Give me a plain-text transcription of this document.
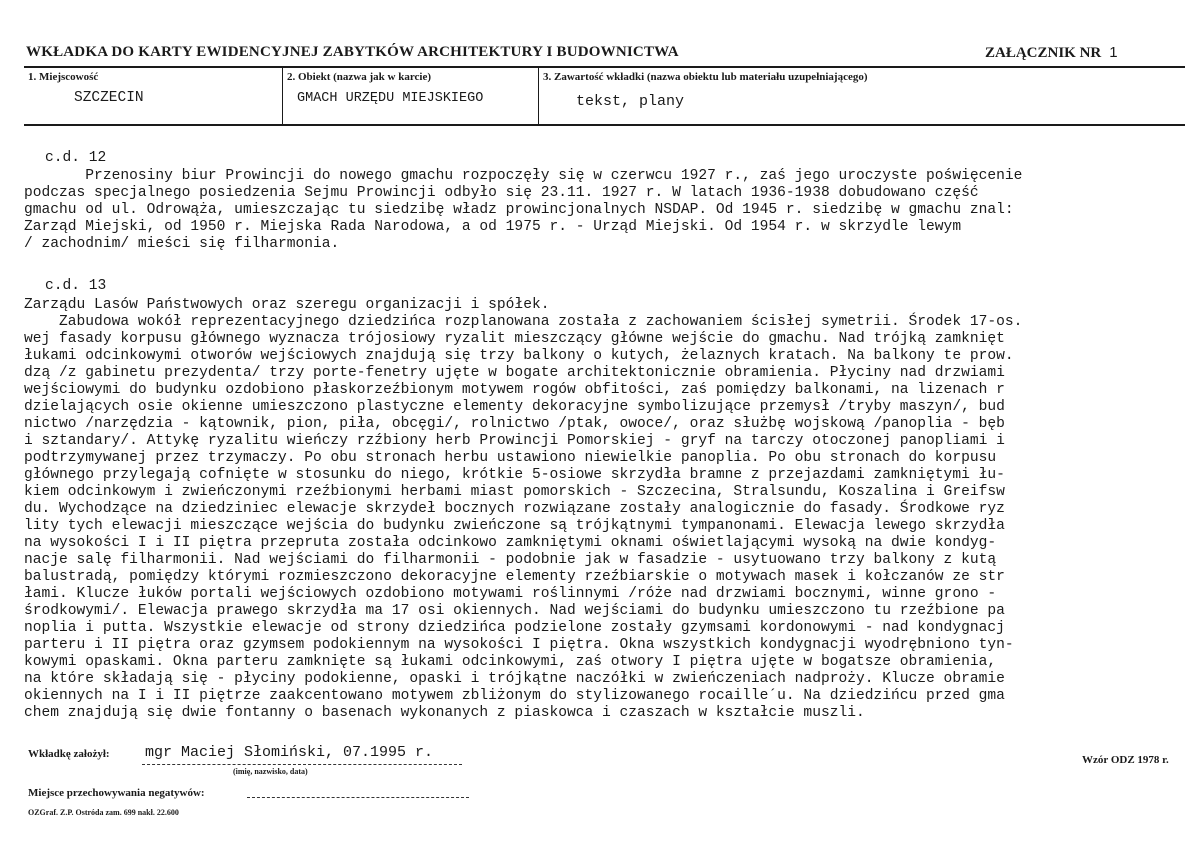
WKŁADKA DO KARTY EWIDENCYJNEJ ZABYTKÓW ARCHITEKTURY I BUDOWNICTWA	ZAŁĄCZNIK NR 1
1. Miejscowość
SZCZECIN
2. Obiekt (nazwa jak w karcie)
GMACH URZĘDU MIEJSKIEGO
3. Zawartość wkładki (nazwa obiektu lub materiału uzupełniającego)
tekst, plany
c.d. 12
Przenosiny biur Prowincji do nowego gmachu rozpoczęły się w czerwcu 1927 r., zaś jego uroczyste poświęcenie
podczas specjalnego posiedzenia Sejmu Prowincji odbyło się 23.11. 1927 r. W latach 1936-1938 dobudowano część
gmachu od ul. Odrowąża, umieszczając tu siedzibę władz prowincjonalnych NSDAP. Od 1945 r. siedzibę w gmachu znal:
Zarząd Miejski, od 1950 r. Miejska Rada Narodowa, a od 1975 r. - Urząd Miejski. Od 1954 r. w skrzydle lewym
/ zachodnim/ mieści się filharmonia.
c.d. 13
Zarządu Lasów Państwowych oraz szeregu organizacji i spółek.
Zabudowa wokół reprezentacyjnego dziedzińca rozplanowana została z zachowaniem ścisłej symetrii. Środek 17-os.
wej fasady korpusu głównego wyznacza trójosiowy ryzalit mieszczący główne wejście do gmachu. Nad trójką zamknięt
łukami odcinkowymi otworów wejściowych znajdują się trzy balkony o kutych, żelaznych kratach. Na balkony te prow.
dzą /z gabinetu prezydenta/ trzy porte-fenetry ujęte w bogate architektonicznie obramienia. Płyciny nad drzwiami
wejściowymi do budynku ozdobiono płaskorzeźbionym motywem rogów obfitości, zaś pomiędzy balkonami, na lizenach r
dzielających osie okienne umieszczono plastyczne elementy dekoracyjne symbolizujące przemysł /tryby maszyn/, bud
nictwo /narzędzia - kątownik, pion, piła, obcęgi/, rolnictwo /ptak, owoce/, oraz służbę wojskową /panoplia - bęb
i sztandary/. Attykę ryzalitu wieńczy rzźbiony herb Prowincji Pomorskiej - gryf na tarczy otoczonej panopliami i
podtrzymywanej przez trzymaczy. Po obu stronach herbu ustawiono niewielkie panoplia. Po obu stronach do korpusu
głównego przylegają cofnięte w stosunku do niego, krótkie 5-osiowe skrzydła bramne z przejazdami zamkniętymi łu-
kiem odcinkowym i zwieńczonymi rzeźbionymi herbami miast pomorskich - Szczecina, Stralsundu, Koszalina i Greifsw
du. Wychodzące na dziedziniec elewacje skrzydeł bocznych rozwiązane zostały analogicznie do fasady. Środkowe ryz
lity tych elewacji mieszczące wejścia do budynku zwieńczone są trójkątnymi tympanonami. Elewacja lewego skrzydła
na wysokości I i II piętra przepruta została odcinkowo zamkniętymi oknami oświetlającymi wysoką na dwie kondyg-
nacje salę filharmonii. Nad wejściami do filharmonii - podobnie jak w fasadzie - usytuowano trzy balkony z kutą
balustradą, pomiędzy którymi rozmieszczono dekoracyjne elementy rzeźbiarskie o motywach masek i kołczanów ze str
łami. Klucze łuków portali wejściowych ozdobiono motywami roślinnymi /róże nad drzwiami bocznymi, winne grono -
środkowymi/. Elewacja prawego skrzydła ma 17 osi okiennych. Nad wejściami do budynku umieszczono tu rzeźbione pa
noplia i putta. Wszystkie elewacje od strony dziedzińca podzielone zostały gzymsami kordonowymi - nad kondygnacj
parteru i II piętra oraz gzymsem podokiennym na wysokości I piętra. Okna wszystkich kondygnacji wyodrębniono tyn-
kowymi opaskami. Okna parteru zamknięte są łukami odcinkowymi, zaś otwory I piętra ujęte w bogatsze obramienia,
na które składają się - płyciny podokienne, opaski i trójkątne naczółki w zwieńczeniach nadproży. Klucze obramie
okiennych na I i II piętrze zaakcentowano motywem zbliżonym do stylizowanego rocaille´u. Na dziedzińcu przed gma
chem znajdują się dwie fontanny o basenach wykonanych z piaskowca i czaszach w kształcie muszli.
Wkładkę założył: mgr Maciej Słomiński, 07.1995 r.
(imię, nazwisko, data)
Wzór ODZ 1978 r.
Miejsce przechowywania negatywów:
OZGraf. Z.P. Ostróda zam. 699 nakł. 22.600
